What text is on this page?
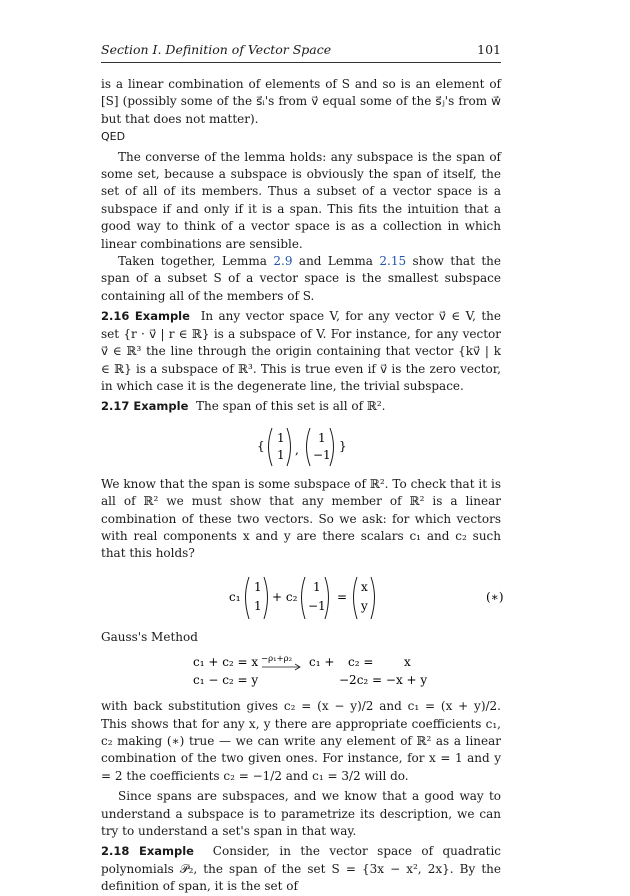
Section I. Definition of Vector Space	101

is a linear combination of elements of S and so is an element of [S] (possibly some of the s⃗ᵢ's from v⃗ equal some of the s⃗ⱼ's from w⃗ but that does not matter).

QED

The converse of the lemma holds: any subspace is the span of some set, because a subspace is obviously the span of itself, the set of all of its members. Thus a subset of a vector space is a subspace if and only if it is a span. This fits the intuition that a good way to think of a vector space is as a collection in which linear combinations are sensible.

Taken together, Lemma 2.9 and Lemma 2.15 show that the span of a subset S of a vector space is the smallest subspace containing all of the members of S.

2.16 Example In any vector space V, for any vector v⃗ ∈ V, the set {r · v⃗ | r ∈ ℝ} is a subspace of V. For instance, for any vector v⃗ ∈ ℝ³ the line through the origin containing that vector {kv⃗ | k ∈ ℝ} is a subspace of ℝ³. This is true even if v⃗ is the zero vector, in which case it is the degenerate line, the trivial subspace.

2.17 Example The span of this set is all of ℝ².

{
1
1 ,
1
−1
}

We know that the span is some subspace of ℝ². To check that it is all of ℝ² we must show that any member of ℝ² is a linear combination of these two vectors. So we ask: for which vectors with real components x and y are there scalars c₁ and c₂ such that this holds?

c₁
1
1
+ c₂
1
−1
=
x
y
(∗)

Gauss's Method

c₁ + c₂ = x
c₁ − c₂ = y
−ρ₁+ρ₂ c₁ + c₂ =	x
−2c₂ = −x + y

with back substitution gives c₂ = (x − y)/2 and c₁ = (x + y)/2. This shows that for any x, y there are appropriate coefficients c₁, c₂ making (∗) true — we can write any element of ℝ² as a linear combination of the two given ones. For instance, for x = 1 and y = 2 the coefficients c₂ = −1/2 and c₁ = 3/2 will do.

Since spans are subspaces, and we know that a good way to understand a subspace is to parametrize its description, we can try to understand a set's span in that way.

2.18 Example Consider, in the vector space of quadratic polynomials 𝒫₂, the span of the set S = {3x − x², 2x}. By the definition of span, it is the set of
